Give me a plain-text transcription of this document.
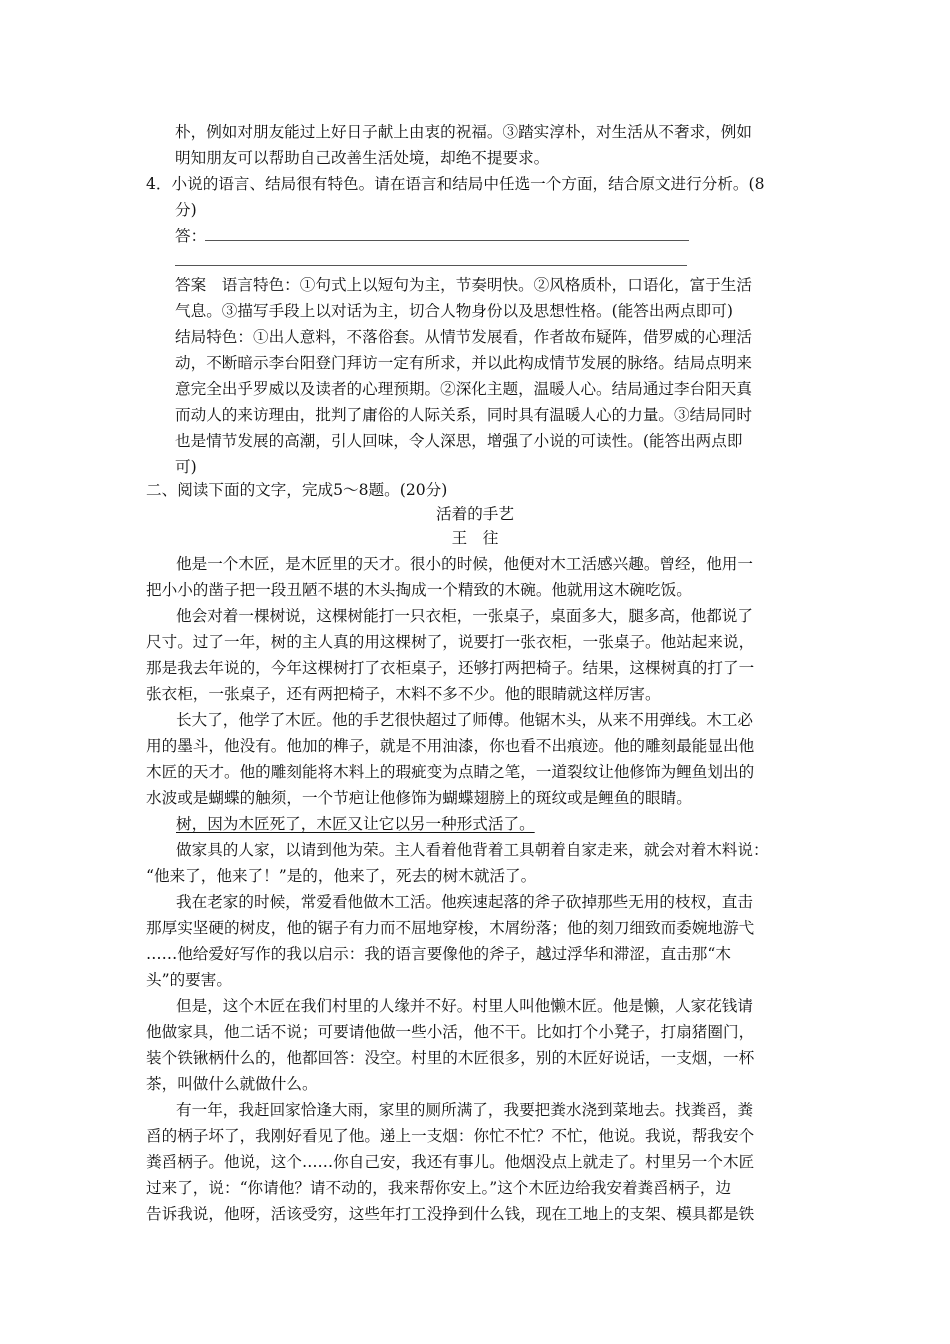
朴，例如对朋友能过上好日子献上由衷的祝福。③踏实淳朴，对生活从不奢求，例如
明知朋友可以帮助自己改善生活处境，却绝不提要求。
4．小说的语言、结局很有特色。请在语言和结局中任选一个方面，结合原文进行分析。(8
分)
答：
答案　语言特色：①句式上以短句为主，节奏明快。②风格质朴，口语化，富于生活
气息。③描写手段上以对话为主，切合人物身份以及思想性格。(能答出两点即可)
结局特色：①出人意料，不落俗套。从情节发展看，作者故布疑阵，借罗威的心理活
动，不断暗示李台阳登门拜访一定有所求，并以此构成情节发展的脉络。结局点明来
意完全出乎罗威以及读者的心理预期。②深化主题，温暖人心。结局通过李台阳天真
而动人的来访理由，批判了庸俗的人际关系，同时具有温暖人心的力量。③结局同时
也是情节发展的高潮，引人回味，令人深思，增强了小说的可读性。(能答出两点即
可)
二、阅读下面的文字，完成5～8题。(20分)
活着的手艺
王　往
他是一个木匠，是木匠里的天才。很小的时候，他便对木工活感兴趣。曾经，他用一
把小小的凿子把一段丑陋不堪的木头掏成一个精致的木碗。他就用这木碗吃饭。
他会对着一棵树说，这棵树能打一只衣柜，一张桌子，桌面多大，腿多高，他都说了
尺寸。过了一年，树的主人真的用这棵树了，说要打一张衣柜，一张桌子。他站起来说，
那是我去年说的，今年这棵树打了衣柜桌子，还够打两把椅子。结果，这棵树真的打了一
张衣柜，一张桌子，还有两把椅子，木料不多不少。他的眼睛就这样厉害。
长大了，他学了木匠。他的手艺很快超过了师傅。他锯木头，从来不用弹线。木工必
用的墨斗，他没有。他加的榫子，就是不用油漆，你也看不出痕迹。他的雕刻最能显出他
木匠的天才。他的雕刻能将木料上的瑕疵变为点睛之笔，一道裂纹让他修饰为鲤鱼划出的
水波或是蝴蝶的触须，一个节疤让他修饰为蝴蝶翅膀上的斑纹或是鲤鱼的眼睛。
树，因为木匠死了，木匠又让它以另一种形式活了。
做家具的人家，以请到他为荣。主人看着他背着工具朝着自家走来，就会对着木料说：
“他来了，他来了！”是的，他来了，死去的树木就活了。
我在老家的时候，常爱看他做木工活。他疾速起落的斧子砍掉那些无用的枝杈，直击
那厚实坚硬的树皮，他的锯子有力而不屈地穿梭，木屑纷落；他的刻刀细致而委婉地游弋
……他给爱好写作的我以启示：我的语言要像他的斧子，越过浮华和滞涩，直击那“木
头”的要害。
但是，这个木匠在我们村里的人缘并不好。村里人叫他懒木匠。他是懒，人家花钱请
他做家具，他二话不说；可要请他做一些小活，他不干。比如打个小凳子，打扇猪圈门，
装个铁锹柄什么的，他都回答：没空。村里的木匠很多，别的木匠好说话，一支烟，一杯
茶，叫做什么就做什么。
有一年，我赶回家恰逢大雨，家里的厕所满了，我要把粪水浇到菜地去。找粪舀，粪
舀的柄子坏了，我刚好看见了他。递上一支烟：你忙不忙？不忙，他说。我说，帮我安个
粪舀柄子。他说，这个……你自己安，我还有事儿。他烟没点上就走了。村里另一个木匠
过来了，说：“你请他？请不动的，我来帮你安上。”这个木匠边给我安着粪舀柄子，边
告诉我说，他呀，活该受穷，这些年打工没挣到什么钱，现在工地上的支架、模具都是铁
